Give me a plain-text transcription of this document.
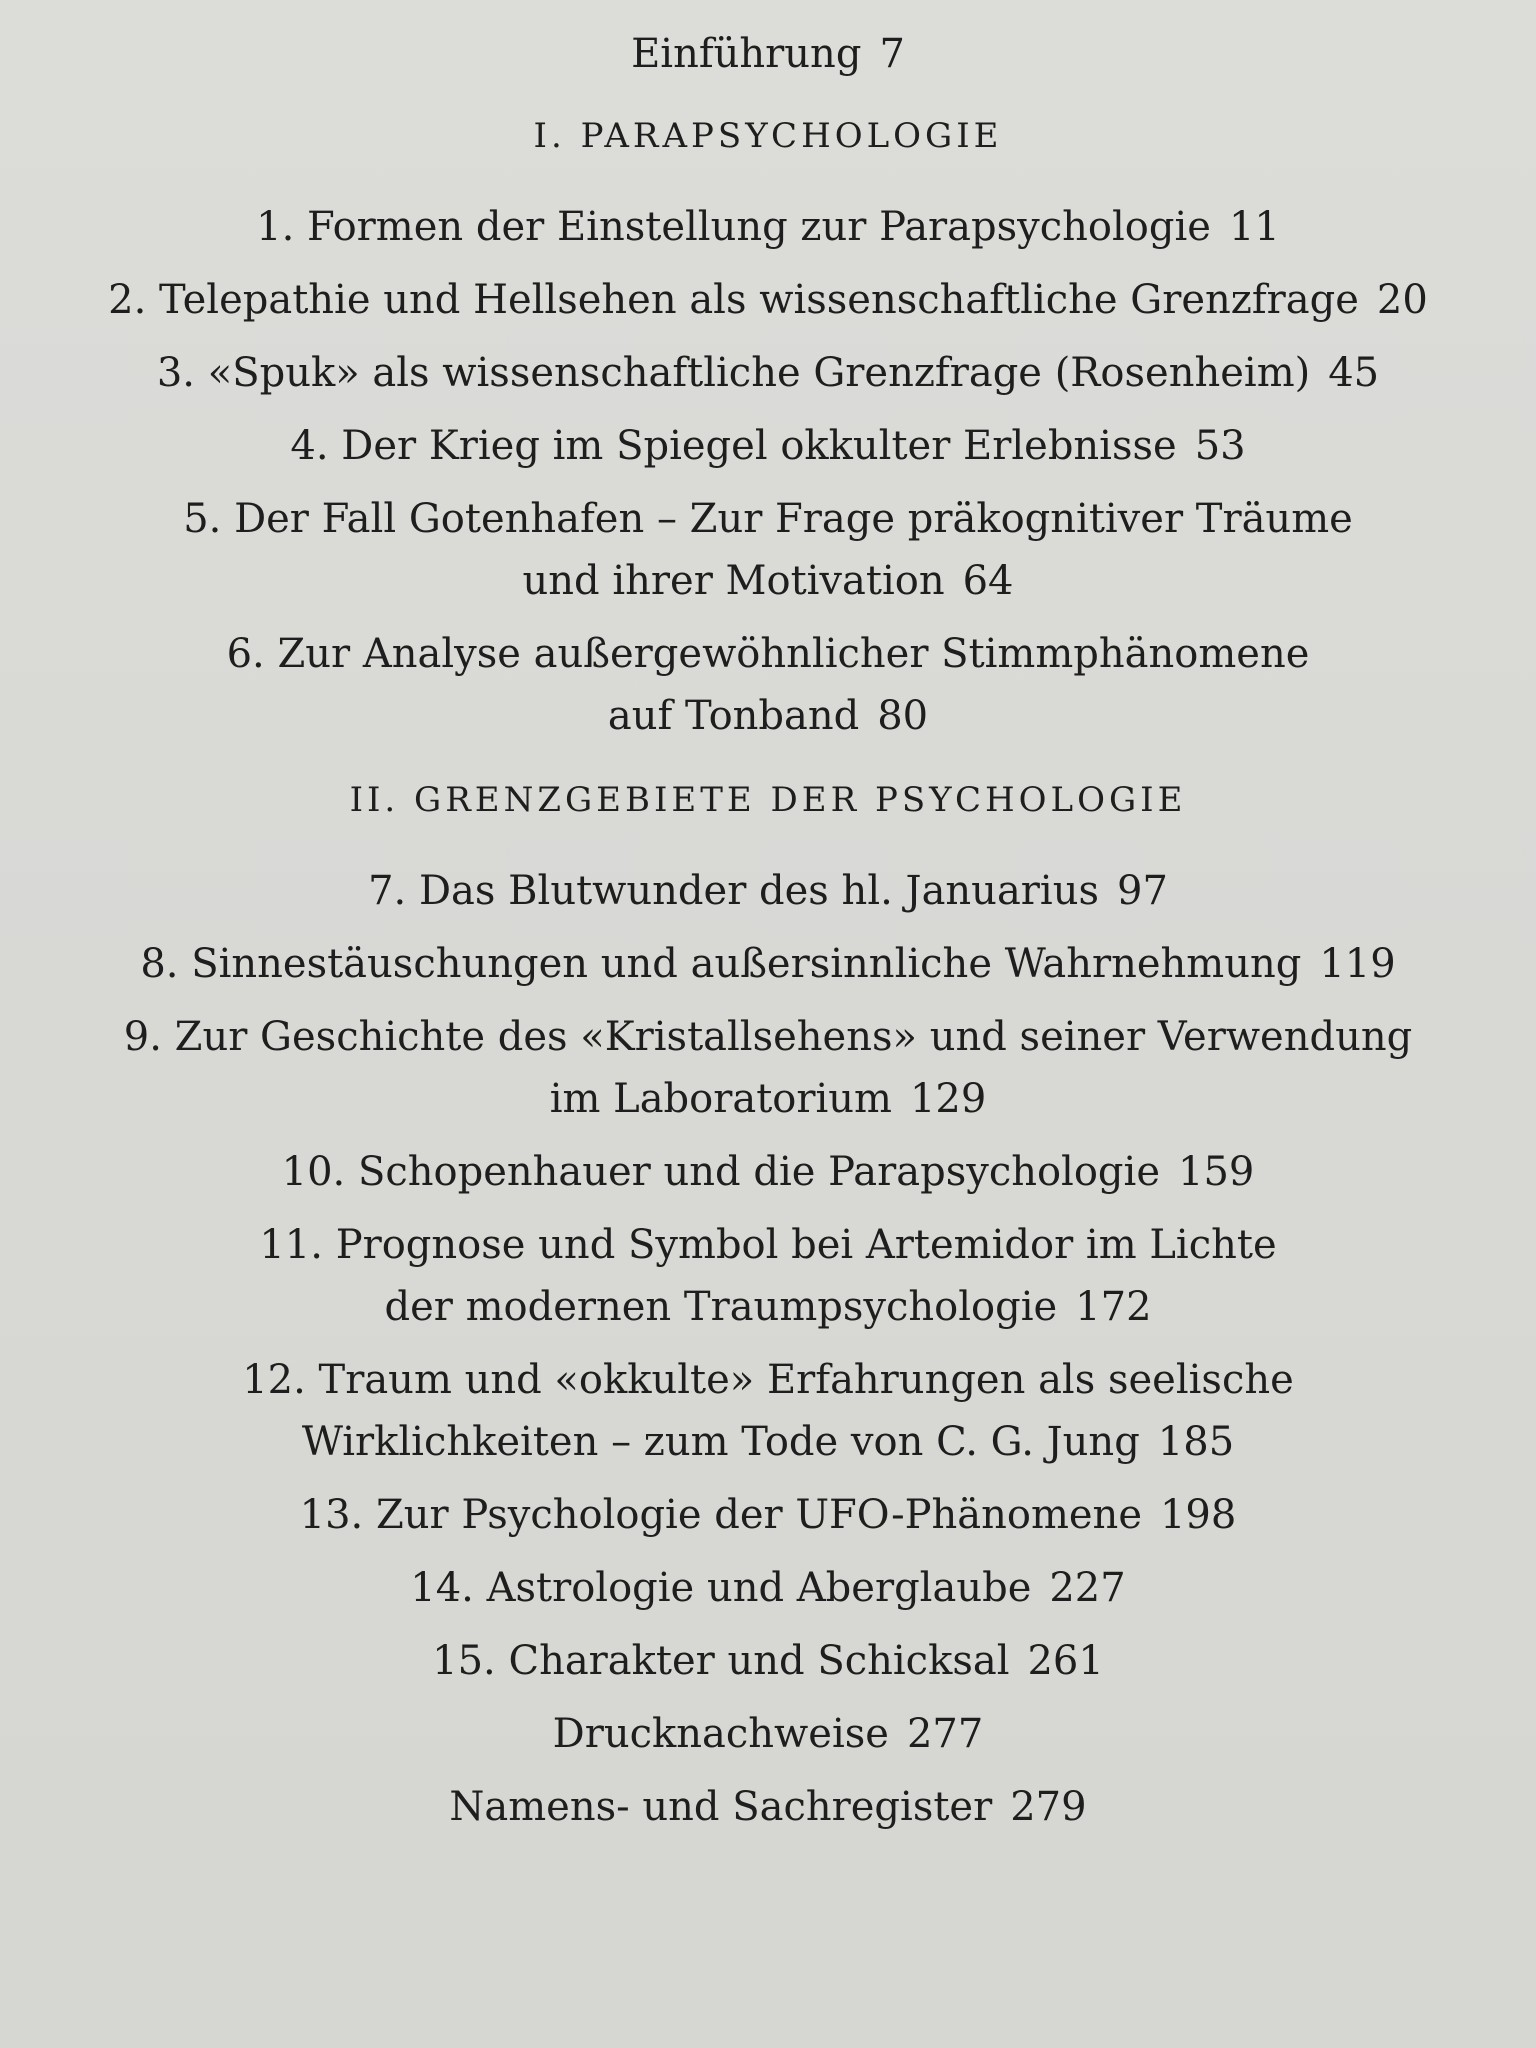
Einführung 7
I. PARAPSYCHOLOGIE
1. Formen der Einstellung zur Parapsychologie 11
2. Telepathie und Hellsehen als wissenschaftliche Grenzfrage 20
3. «Spuk» als wissenschaftliche Grenzfrage (Rosenheim) 45
4. Der Krieg im Spiegel okkulter Erlebnisse 53
5. Der Fall Gotenhafen – Zur Frage präkognitiver Träume
und ihrer Motivation 64
6. Zur Analyse außergewöhnlicher Stimmphänomene
auf Tonband 80
II. GRENZGEBIETE DER PSYCHOLOGIE
7. Das Blutwunder des hl. Januarius 97
8. Sinnestäuschungen und außersinnliche Wahrnehmung 119
9. Zur Geschichte des «Kristallsehens» und seiner Verwendung
im Laboratorium 129
10. Schopenhauer und die Parapsychologie 159
11. Prognose und Symbol bei Artemidor im Lichte
der modernen Traumpsychologie 172
12. Traum und «okkulte» Erfahrungen als seelische
Wirklichkeiten – zum Tode von C. G. Jung 185
13. Zur Psychologie der UFO-Phänomene 198
14. Astrologie und Aberglaube 227
15. Charakter und Schicksal 261
Drucknachweise 277
Namens- und Sachregister 279
